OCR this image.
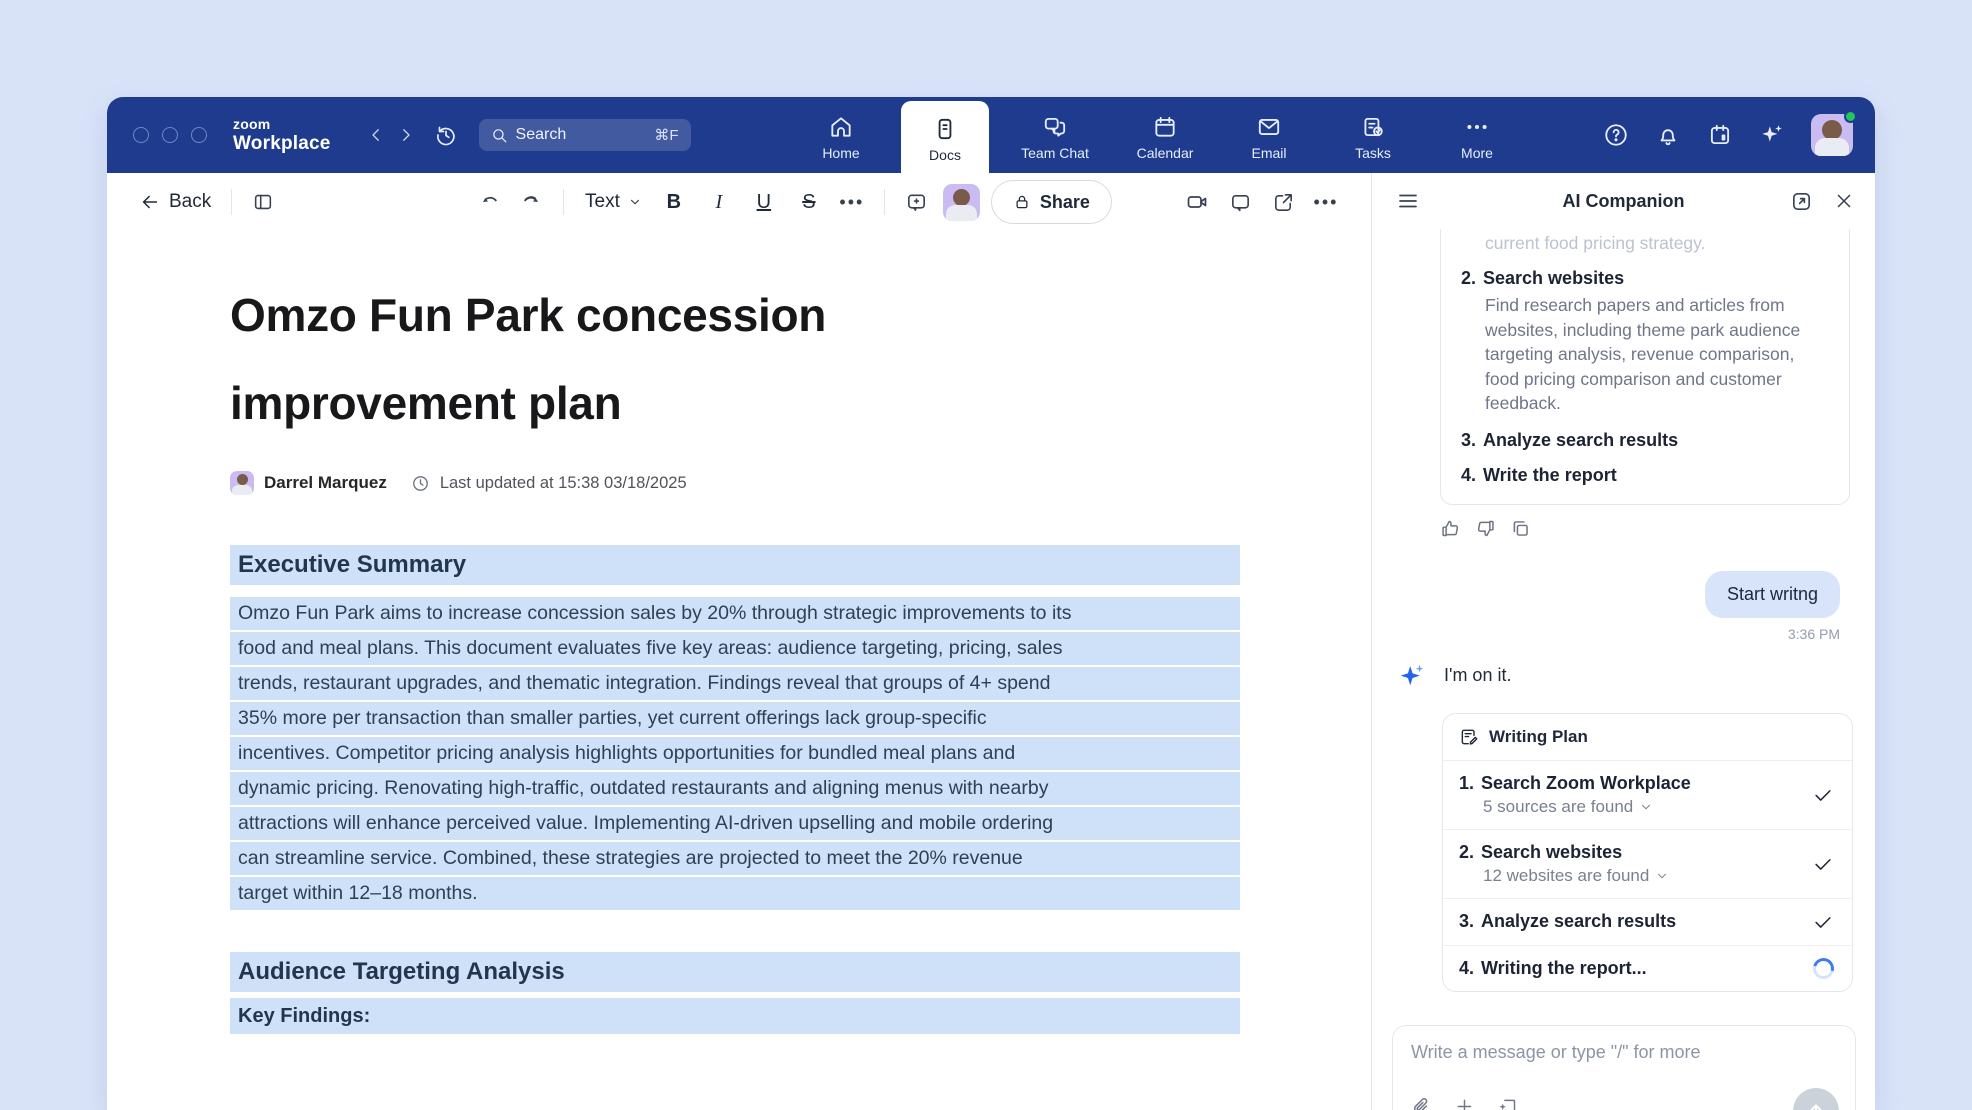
zoom
Workplace	Search	⌘F
Home	Docs	Team Chat	Calendar	Email	Tasks	More
Back	Text	B	I	U	S	•••	Share	•••
Omzo Fun Park concession
improvement plan
Darrel Marquez	Last updated at 15:38 03/18/2025
Executive Summary
Omzo Fun Park aims to increase concession sales by 20% through strategic improvements to its
food and meal plans. This document evaluates five key areas: audience targeting, pricing, sales
trends, restaurant upgrades, and thematic integration. Findings reveal that groups of 4+ spend
35% more per transaction than smaller parties, yet current offerings lack group-specific
incentives. Competitor pricing analysis highlights opportunities for bundled meal plans and
dynamic pricing. Renovating high-traffic, outdated restaurants and aligning menus with nearby
attractions will enhance perceived value. Implementing AI-driven upselling and mobile ordering
can streamline service. Combined, these strategies are projected to meet the 20% revenue
target within 12–18 months.
Audience Targeting Analysis
Key Findings:
AI Companion
current food pricing strategy.
2. Search websites
Find research papers and articles from websites, including theme park audience targeting analysis, revenue comparison, food pricing comparison and customer feedback.
3. Analyze search results
4. Write the report
Start writng
3:36 PM
I'm on it.
Writing Plan
1. Search Zoom Workplace
5 sources are found
2. Search websites
12 websites are found
3. Analyze search results
4. Writing the report...
Write a message or type "/" for more
